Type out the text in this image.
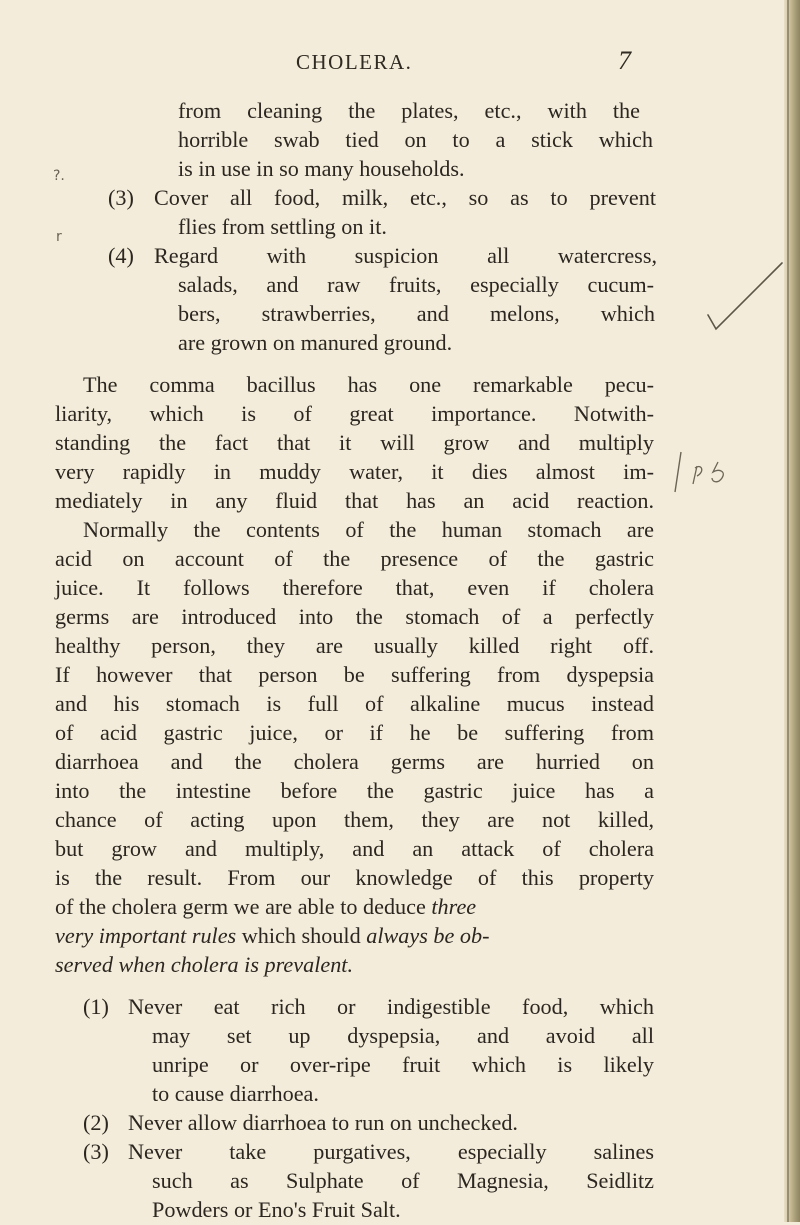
CHOLERA.	7
?.
r
from cleaning the plates, etc., with the
horrible swab tied on to a stick which
is in use in so many households.
(3) Cover all food, milk, etc., so as to prevent
flies from settling on it.
(4) Regard with suspicion all watercress,
salads, and raw fruits, especially cucum-
bers, strawberries, and melons, which
are grown on manured ground.
The comma bacillus has one remarkable pecu-
liarity, which is of great importance. Notwith-
standing the fact that it will grow and multiply
very rapidly in muddy water, it dies almost im-
mediately in any fluid that has an acid reaction.
Normally the contents of the human stomach are
acid on account of the presence of the gastric
juice. It follows therefore that, even if cholera
germs are introduced into the stomach of a perfectly
healthy person, they are usually killed right off.
If however that person be suffering from dyspepsia
and his stomach is full of alkaline mucus instead
of acid gastric juice, or if he be suffering from
diarrhoea and the cholera germs are hurried on
into the intestine before the gastric juice has a
chance of acting upon them, they are not killed,
but grow and multiply, and an attack of cholera
is the result. From our knowledge of this property
of the cholera germ we are able to deduce three
very important rules which should always be ob-
served when cholera is prevalent.
(1) Never eat rich or indigestible food, which
may set up dyspepsia, and avoid all
unripe or over-ripe fruit which is likely
to cause diarrhoea.
(2) Never allow diarrhoea to run on unchecked.
(3) Never take purgatives, especially salines
such as Sulphate of Magnesia, Seidlitz
Powders or Eno's Fruit Salt.
